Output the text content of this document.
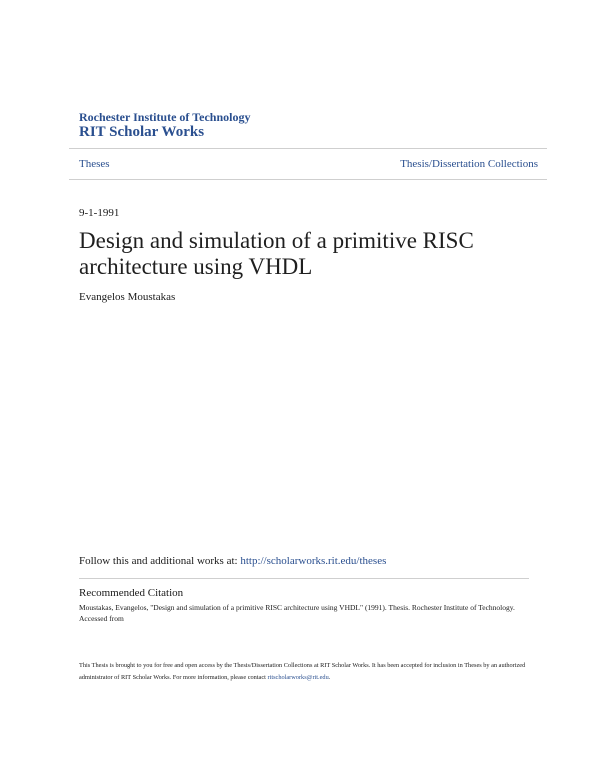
Rochester Institute of Technology
RIT Scholar Works
Theses	Thesis/Dissertation Collections
9-1-1991
Design and simulation of a primitive RISC architecture using VHDL
Evangelos Moustakas
Follow this and additional works at: http://scholarworks.rit.edu/theses
Recommended Citation
Moustakas, Evangelos, "Design and simulation of a primitive RISC architecture using VHDL" (1991). Thesis. Rochester Institute of Technology. Accessed from
This Thesis is brought to you for free and open access by the Thesis/Dissertation Collections at RIT Scholar Works. It has been accepted for inclusion in Theses by an authorized administrator of RIT Scholar Works. For more information, please contact ritscholarworks@rit.edu.
